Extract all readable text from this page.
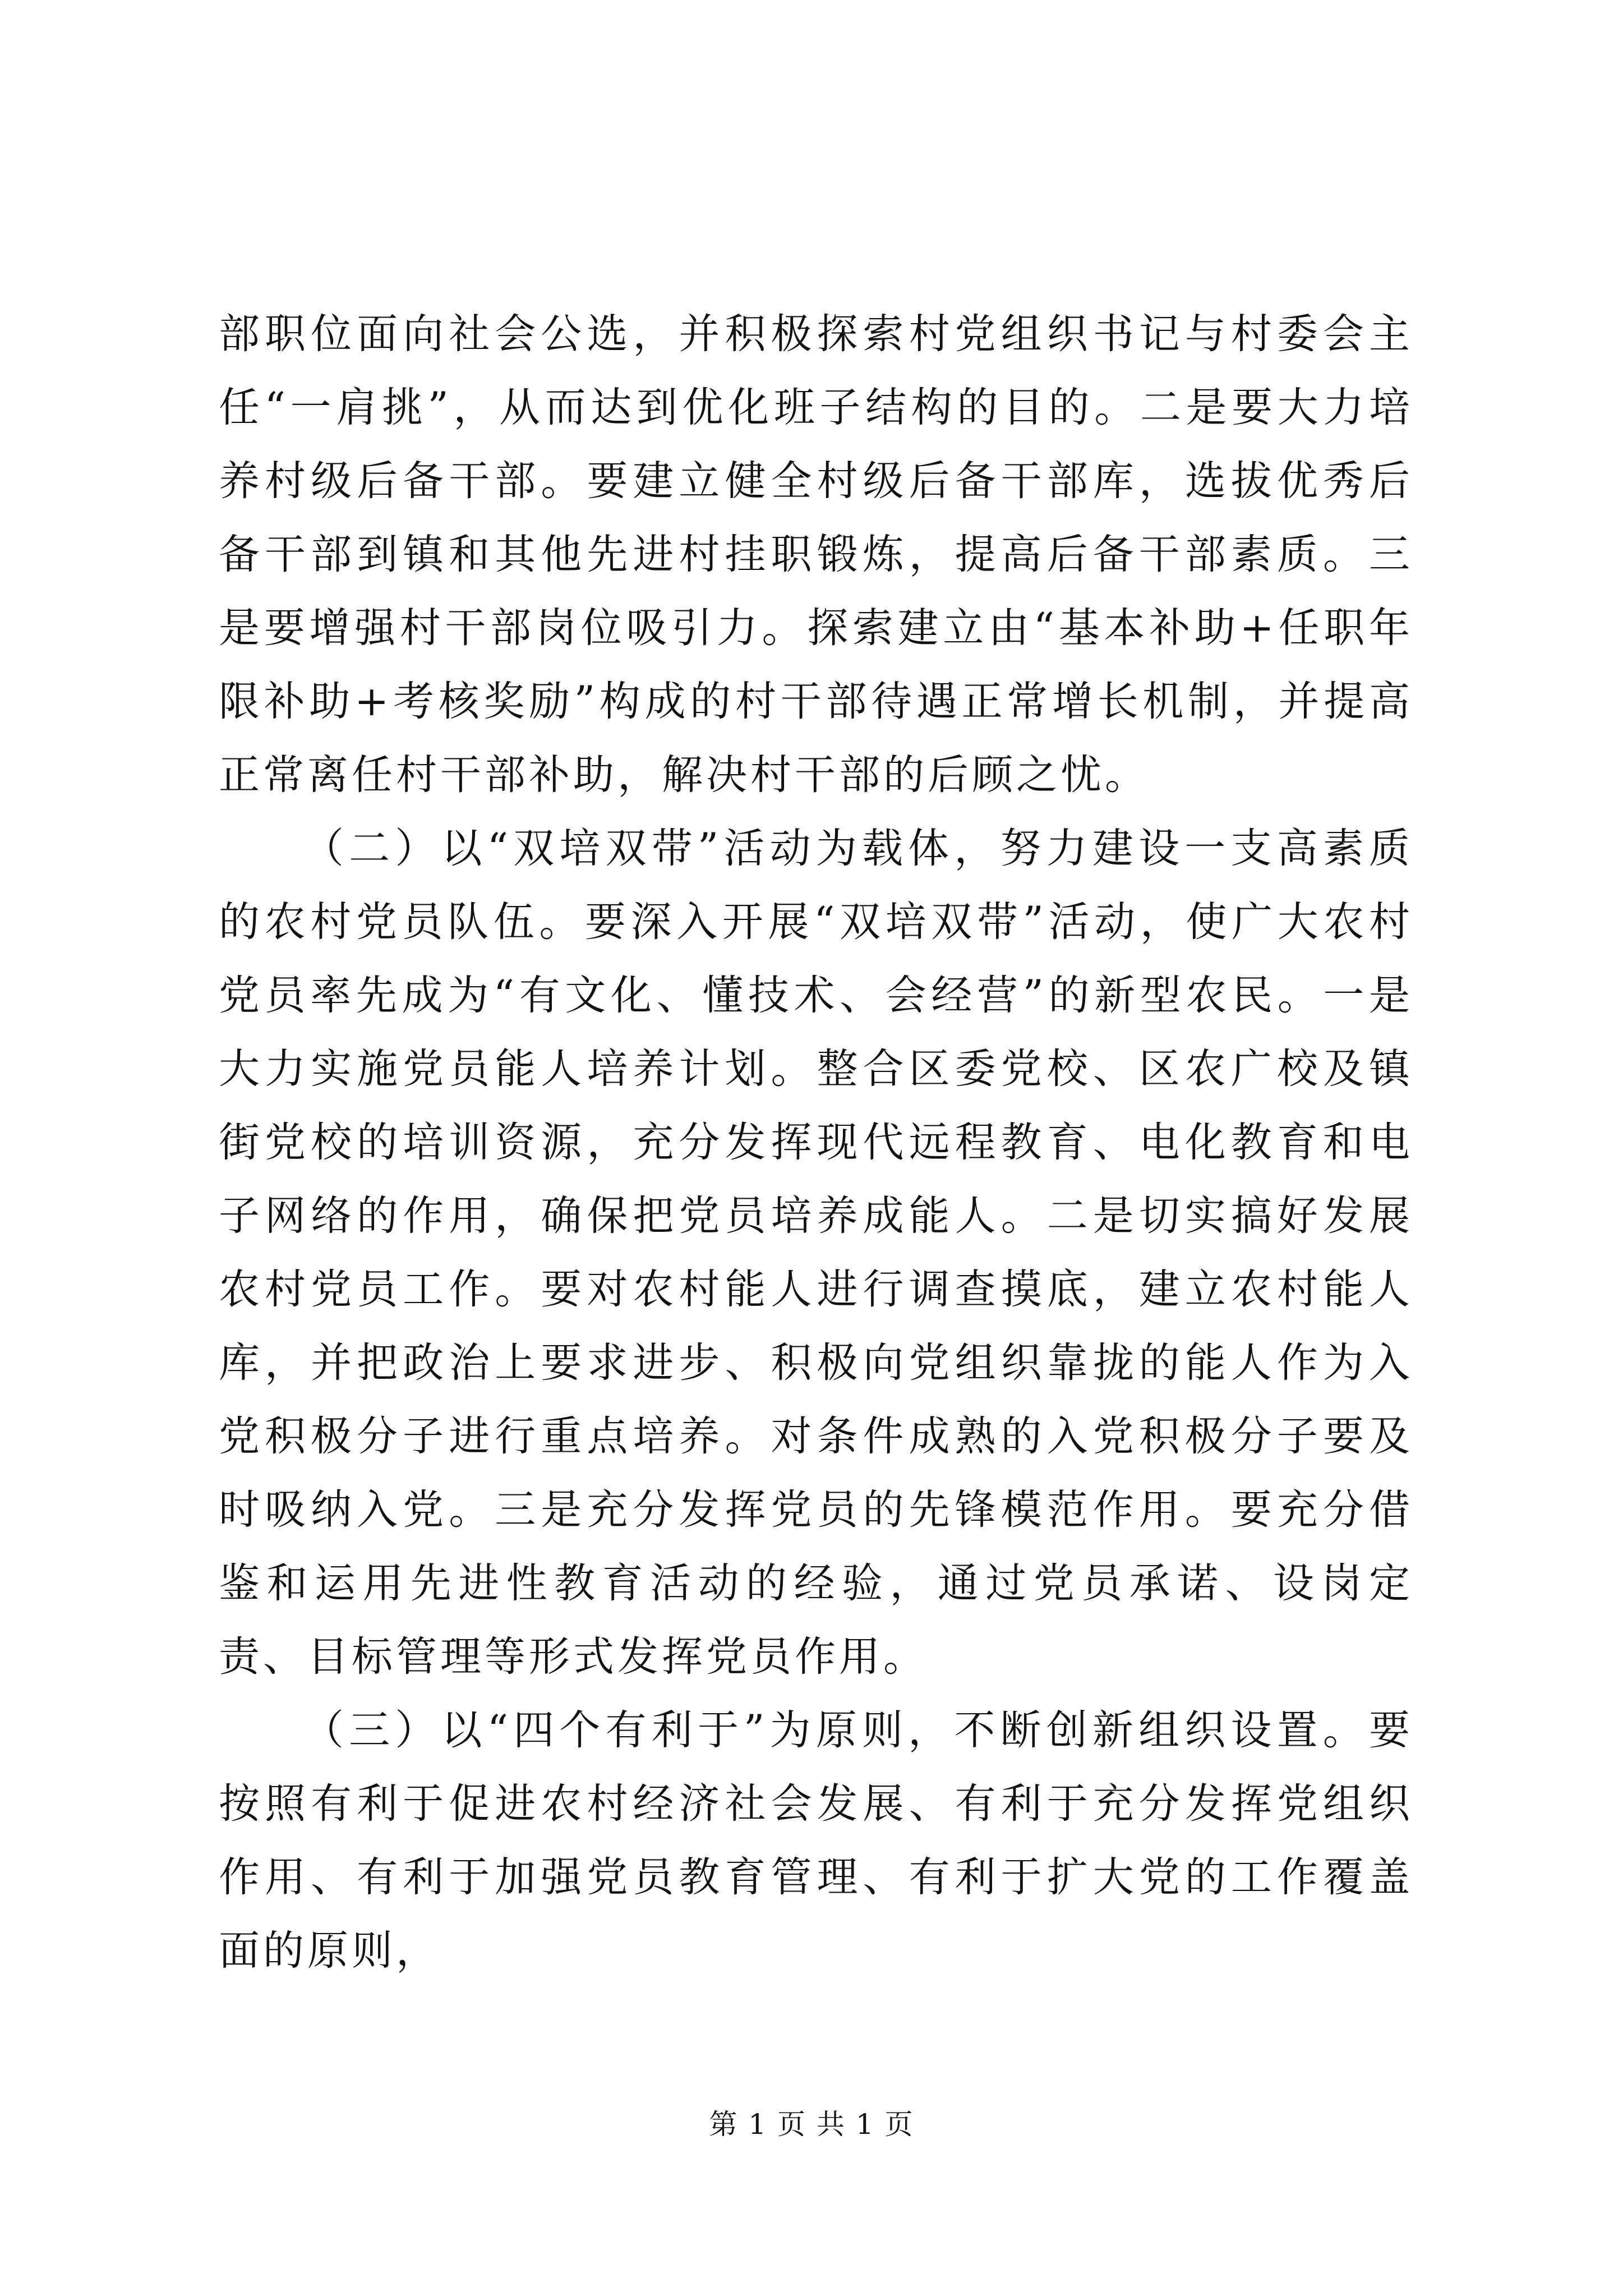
部职位面向社会公选，并积极探索村党组织书记与村委会主任“一肩挑”，从而达到优化班子结构的目的。二是要大力培养村级后备干部。要建立健全村级后备干部库，选拔优秀后备干部到镇和其他先进村挂职锻炼，提高后备干部素质。三是要增强村干部岗位吸引力。探索建立由“基本补助+任职年限补助+考核奖励”构成的村干部待遇正常增长机制，并提高正常离任村干部补助，解决村干部的后顾之忧。

（二）以“双培双带”活动为载体，努力建设一支高素质的农村党员队伍。要深入开展“双培双带”活动，使广大农村党员率先成为“有文化、懂技术、会经营”的新型农民。一是大力实施党员能人培养计划。整合区委党校、区农广校及镇街党校的培训资源，充分发挥现代远程教育、电化教育和电子网络的作用，确保把党员培养成能人。二是切实搞好发展农村党员工作。要对农村能人进行调查摸底，建立农村能人库，并把政治上要求进步、积极向党组织靠拢的能人作为入党积极分子进行重点培养。对条件成熟的入党积极分子要及时吸纳入党。三是充分发挥党员的先锋模范作用。要充分借鉴和运用先进性教育活动的经验，通过党员承诺、设岗定责、目标管理等形式发挥党员作用。

（三）以“四个有利于”为原则，不断创新组织设置。要按照有利于促进农村经济社会发展、有利于充分发挥党组织作用、有利于加强党员教育管理、有利于扩大党的工作覆盖面的原则，

第 1 页 共 1 页
